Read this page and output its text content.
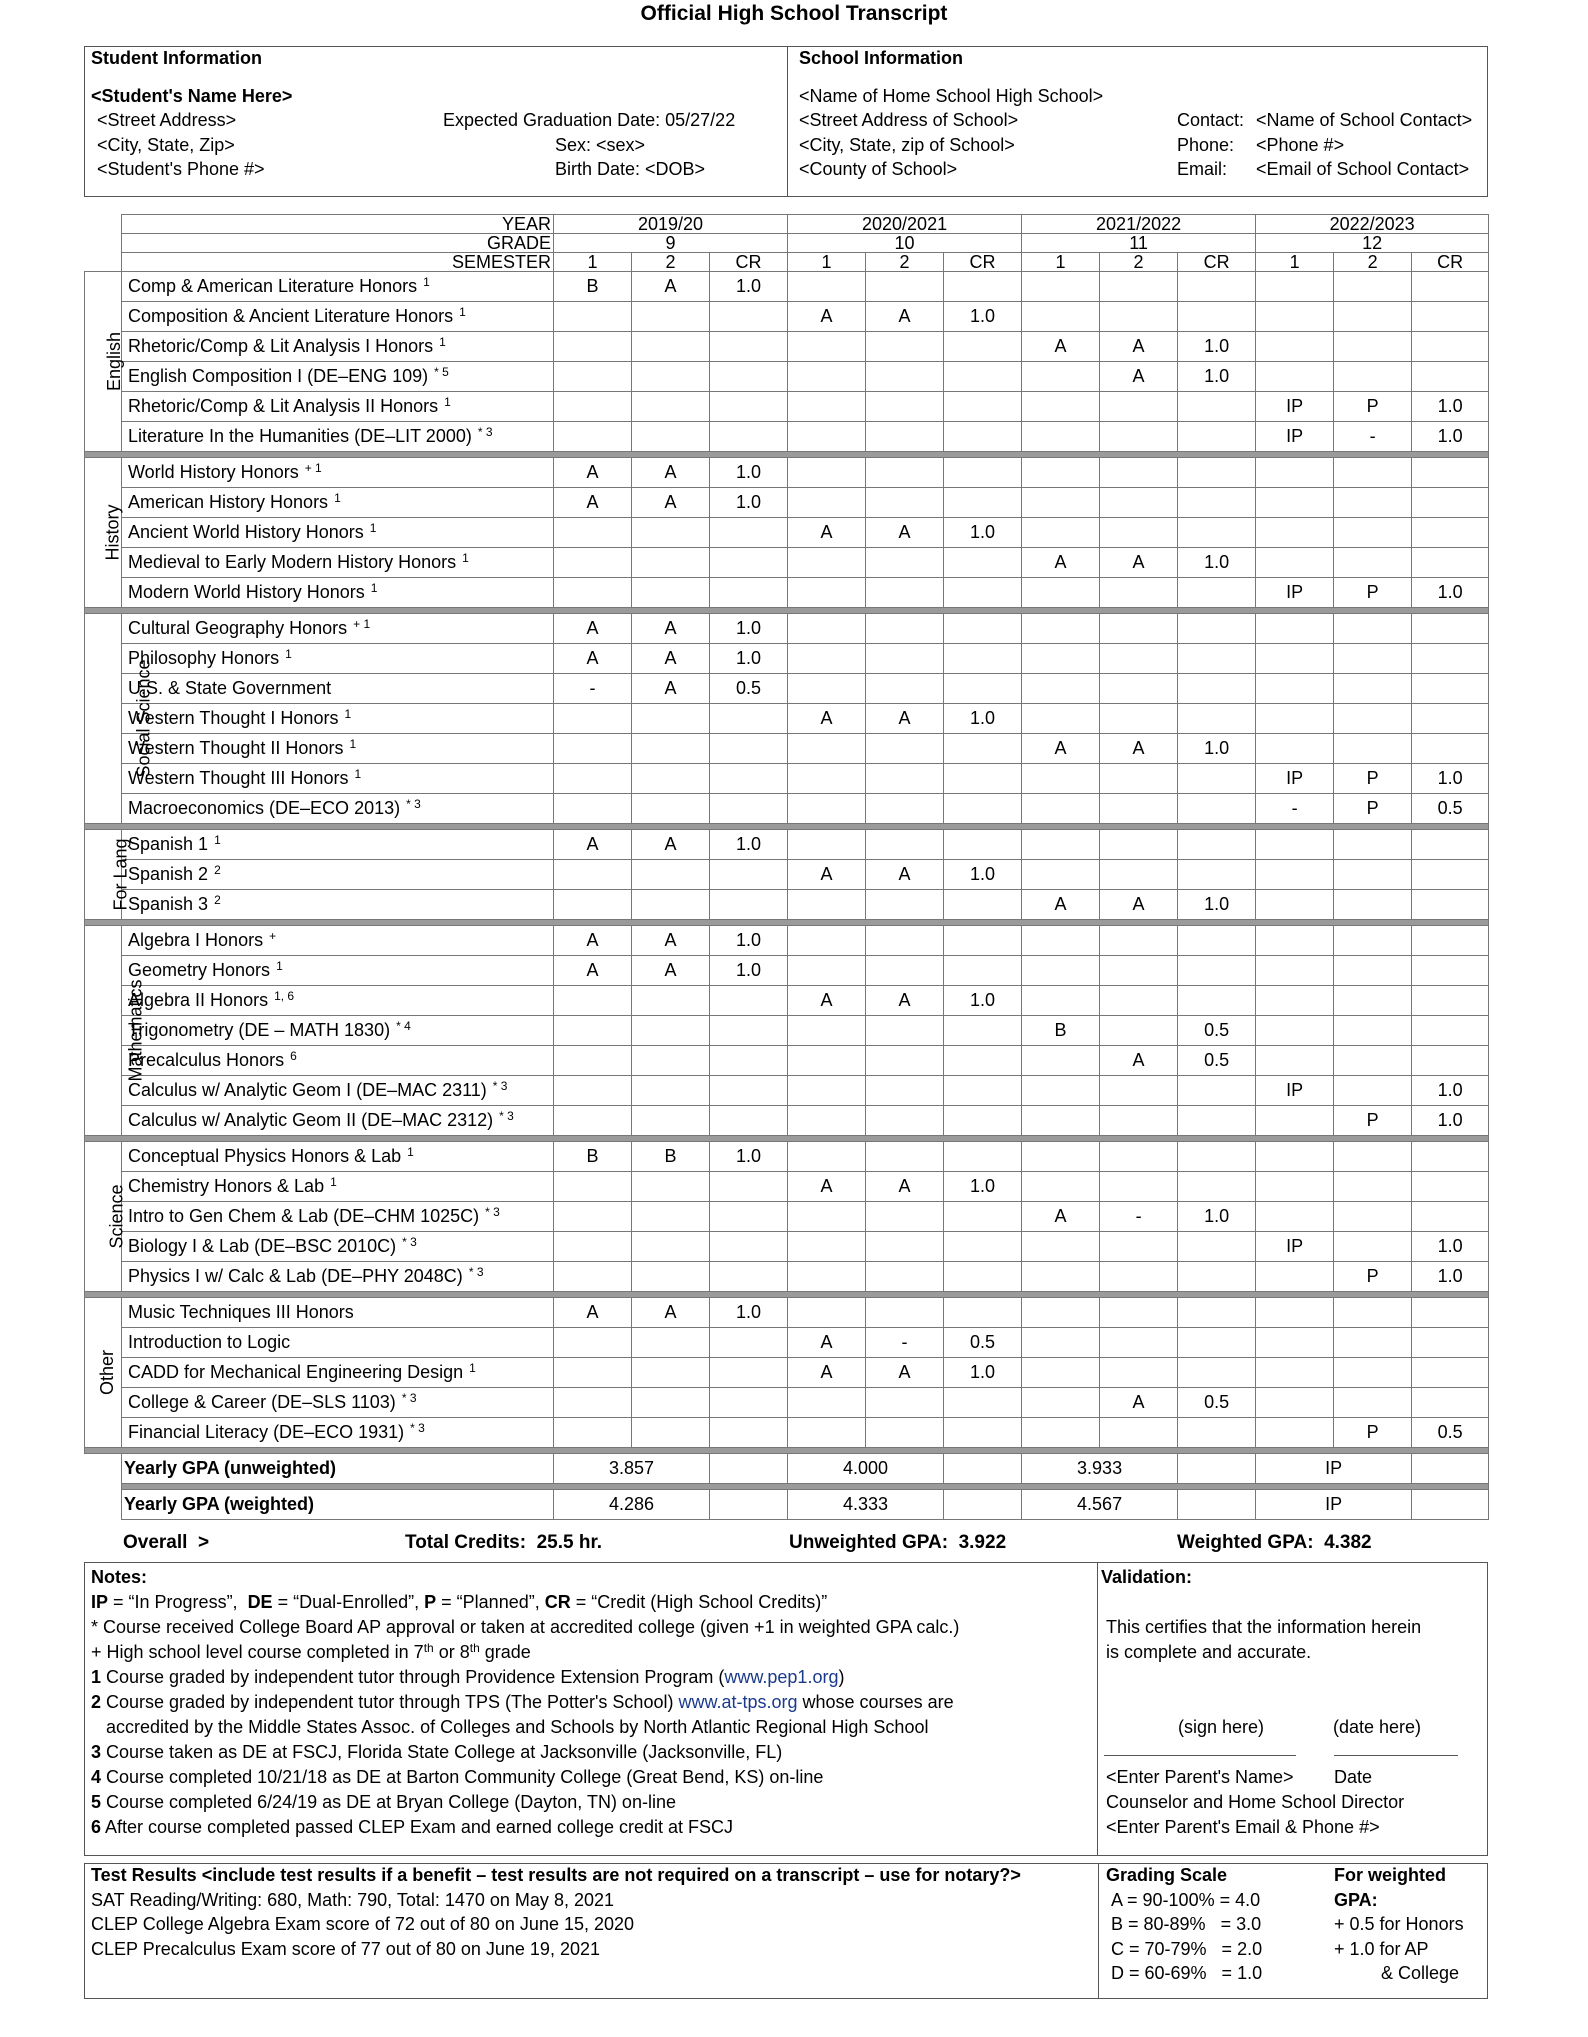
Official High School Transcript
Student Information
<Student's Name Here>
<Street Address>
<City, State, Zip>
<Student's Phone #>
Expected Graduation Date: 05/27/22
Sex: <sex>
Birth Date: <DOB>
School Information
<Name of Home School High School>
<Street Address of School>
<City, State, zip of School>
<County of School>
Contact: <Name of School Contact>
Phone: <Phone #>
Email: <Email of School Contact>
	YEAR	2019/20			2020/2021			2021/2022			2022/2023		
	GRADE	9			10			11			12		
	SEMESTER	1	2	CR	1	2	CR	1	2	CR	1	2	CR
English	Comp & American Literature Honors $^1$	B	A	1.0									
	Composition & Ancient Literature Honors $^1$				A	A	1.0						
	Rhetoric/Comp & Lit Analysis I Honors $^1$							A	A	1.0			
	English Composition I (DE–ENG 109) $^{* 5}$								A	1.0			
	Rhetoric/Comp & Lit Analysis II Honors $^1$										IP	P	1.0
	Literature In the Humanities (DE–LIT 2000) $^{* 3}$										IP	-	1.0

History	World History Honors $^{+ 1}$	A	A	1.0									
	American History Honors $^1$	A	A	1.0									
	Ancient World History Honors $^1$				A	A	1.0						
	Medieval to Early Modern History Honors $^1$							A	A	1.0			
	Modern World History Honors $^1$										IP	P	1.0

Social Science	Cultural Geography Honors $^{+ 1}$	A	A	1.0									
	Philosophy Honors $^1$	A	A	1.0									
	U.S. & State Government	-	A	0.5									
	Western Thought I Honors $^1$				A	A	1.0						
	Western Thought II Honors $^1$							A	A	1.0			
	Western Thought III Honors $^1$										IP	P	1.0
	Macroeconomics (DE–ECO 2013) $^{* 3}$										-	P	0.5

For Lang	Spanish 1 $^1$	A	A	1.0									
	Spanish 2 $^2$				A	A	1.0						
	Spanish 3 $^2$							A	A	1.0			

Mathematics	Algebra I Honors +	A	A	1.0									
	Geometry Honors $^1$	A	A	1.0									
	Algebra II Honors $^{1, 6}$				A	A	1.0						
	Trigonometry (DE – MATH 1830) $^{* 4}$							B		0.5			
	Precalculus Honors $^6$								A	0.5			
	Calculus w/ Analytic Geom I (DE–MAC 2311) $^{* 3}$										IP		1.0
	Calculus w/ Analytic Geom II (DE–MAC 2312) $^{* 3}$											P	1.0

Science	Conceptual Physics Honors & Lab $^1$	B	B	1.0									
	Chemistry Honors & Lab $^1$				A	A	1.0						
	Intro to Gen Chem & Lab (DE–CHM 1025C) $^{* 3}$							A	-	1.0			
	Biology I & Lab (DE–BSC 2010C) $^{* 3}$										IP		1.0
	Physics I w/ Calc & Lab (DE–PHY 2048C) $^{* 3}$											P	1.0

Other	Music Techniques III Honors	A	A	1.0									
	Introduction to Logic				A	-	0.5						
	CADD for Mechanical Engineering Design $^1$				A	A	1.0						
	College & Career (DE–SLS 1103) $^{* 3}$								A	0.5			
	Financial Literacy (DE–ECO 1931) $^{* 3}$											P	0.5

	Yearly GPA (unweighted)	3.857			4.000			3.933			IP		

	Yearly GPA (weighted)	4.286			4.333			4.567			IP		
Overall  >	Total Credits:  25.5 hr.	Unweighted GPA:  3.922	Weighted GPA:  4.382
Notes:
IP = “In Progress”,  DE = “Dual-Enrolled”, P = “Planned”, CR = “Credit (High School Credits)”
* Course received College Board AP approval or taken at accredited college (given +1 in weighted GPA calc.)
+ High school level course completed in 7th or 8th grade
1 Course graded by independent tutor through Providence Extension Program (www.pep1.org)
2 Course graded by independent tutor through TPS (The Potter's School) www.at-tps.org whose courses are
accredited by the Middle States Assoc. of Colleges and Schools by North Atlantic Regional High School
3 Course taken as DE at FSCJ, Florida State College at Jacksonville (Jacksonville, FL)
4 Course completed 10/21/18 as DE at Barton Community College (Great Bend, KS) on-line
5 Course completed 6/24/19 as DE at Bryan College (Dayton, TN) on-line
6 After course completed passed CLEP Exam and earned college credit at FSCJ
Validation:
This certifies that the information herein
is complete and accurate.
(sign here)	(date here)
<Enter Parent's Name> Date
Counselor and Home School Director
<Enter Parent's Email & Phone #>
Test Results <include test results if a benefit – test results are not required on a transcript – use for notary?>
SAT Reading/Writing: 680, Math: 790, Total: 1470 on May 8, 2021
CLEP College Algebra Exam score of 72 out of 80 on June 15, 2020
CLEP Precalculus Exam score of 77 out of 80 on June 19, 2021
Grading Scale
A = 90-100% = 4.0
B = 80-89%   = 3.0
C = 70-79%   = 2.0
D = 60-69%   = 1.0
For weighted
GPA:
+ 0.5 for Honors
+ 1.0 for AP
& College
